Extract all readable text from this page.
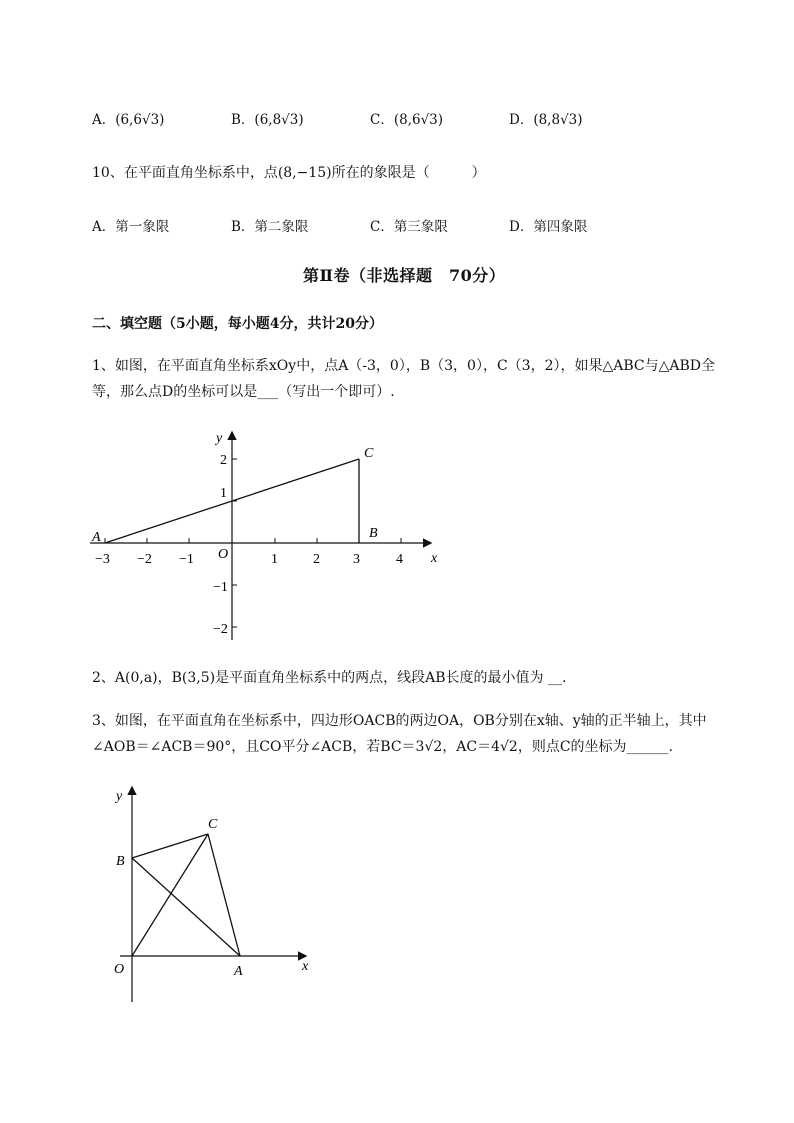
A．(6,6√3)	B．(6,8√3)	C．(8,6√3)	D．(8,8√3)
10、在平面直角坐标系中，点(8,−15)所在的象限是（　　　）
A．第一象限	B．第二象限	C．第三象限	D．第四象限
第Ⅱ卷（非选择题　70分）
二、填空题（5小题，每小题4分，共计20分）
1、如图，在平面直角坐标系xOy中，点A（-3，0），B（3，0），C（3，2），如果△ABC与△ABD全
等，那么点D的坐标可以是___（写出一个即可）.
−3 −2 −1	1	2 3	4
2
1
−1
−2
O	x
y
A	B
C
2、A(0,a)，B(3,5)是平面直角坐标系中的两点，线段AB长度的最小值为 __.
3、如图，在平面直角在坐标系中，四边形OACB的两边OA，OB分别在x轴、y轴的正半轴上，其中
∠AOB＝∠ACB＝90°，且CO平分∠ACB，若BC＝3√2，AC＝4√2，则点C的坐标为______.
B
C
A
O	x
y
